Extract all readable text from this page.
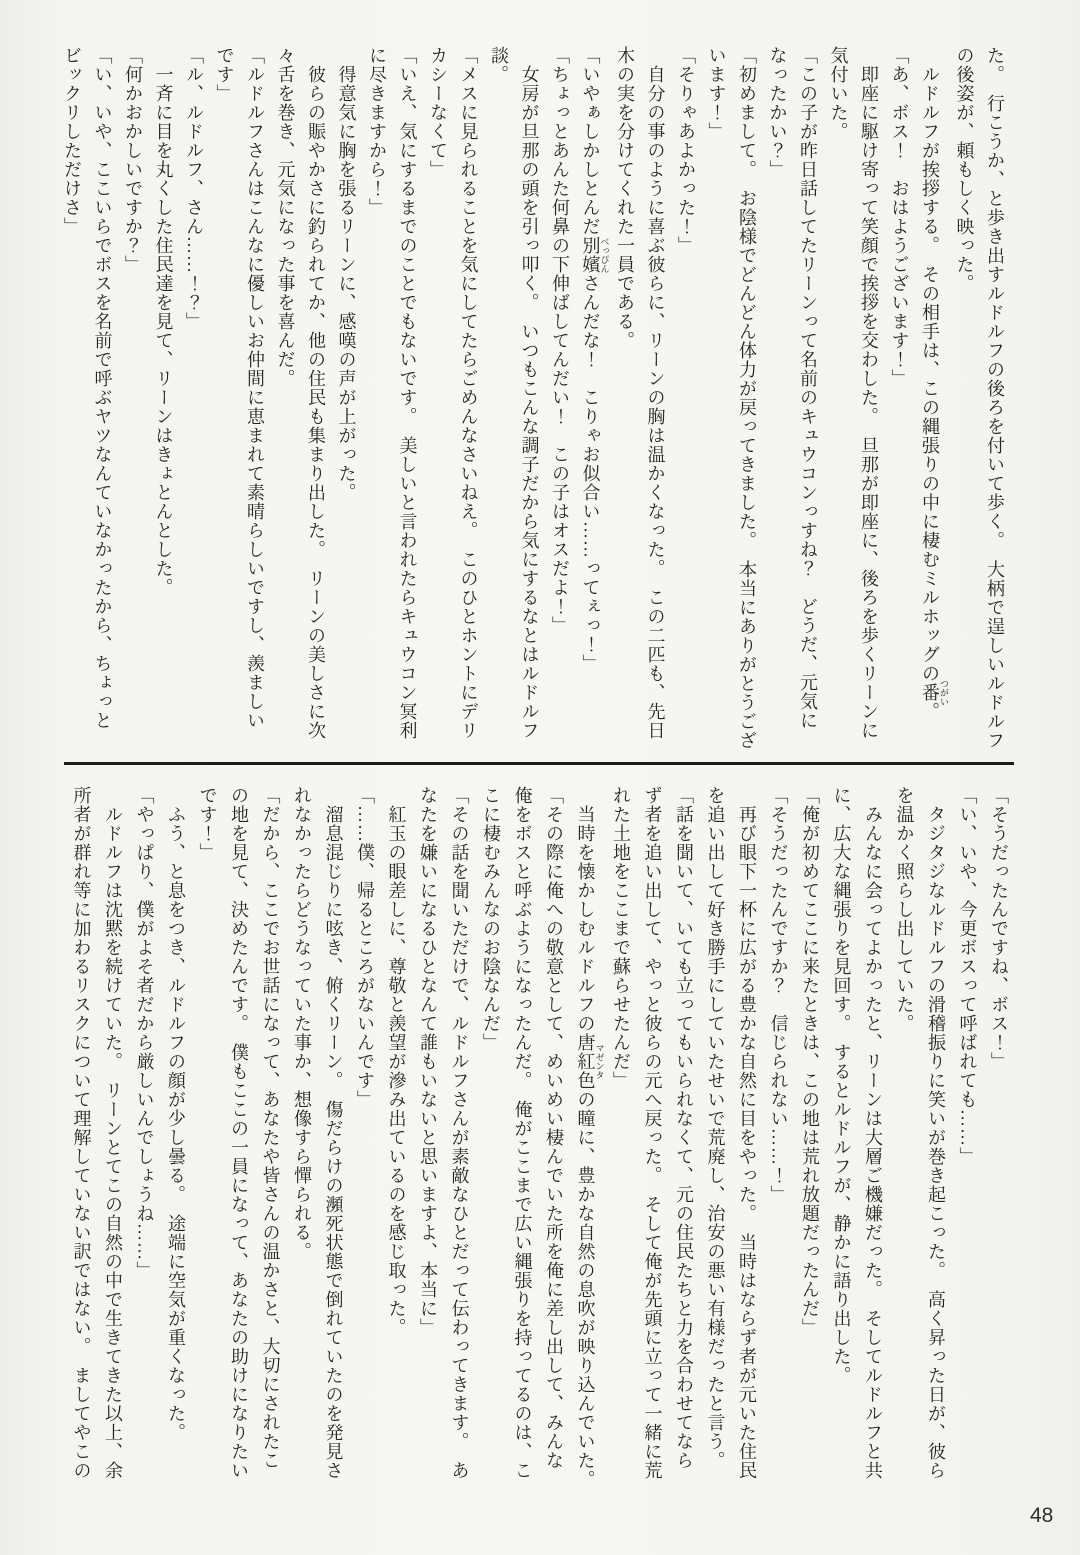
た。　行こうか、と歩き出すルドルフの後ろを付いて歩く。　大柄で逞しいルドルフ
の後姿が、頼もしく映った。
ルドルフが挨拶する。　その相手は、この縄張りの中に棲むミルホッグの番 つがい。
「あ、ボス！　おはようございます！」
即座に駆け寄って笑顔で挨拶を交わした。　旦那が即座に、後ろを歩くリーンに
気付いた。
「この子が昨日話してたリーンって名前のキュウコンっすね？　どうだ、元気に
なったかい？」
「初めまして。　お陰様でどんどん体力が戻ってきました。　本当にありがとうござ
います！」
「そりゃあよかった！」
自分の事のように喜ぶ彼らに、リーンの胸は温かくなった。　この二匹も、先日
木の実を分けてくれた一員である。
「いやぁしかしとんだ別嬪 べっぴんさんだな！　こりゃお似合い……ってぇっ！」
「ちょっとあんた何鼻の下伸ばしてんだい！　この子はオスだよ！」
女房が旦那の頭を引っ叩く。　いつもこんな調子だから気にするなとはルドルフ
談。
「メスに見られることを気にしてたらごめんなさいねえ。　このひとホントにデリ
カシーなくて」
「いえ、気にするまでのことでもないです。　美しいと言われたらキュウコン冥利
に尽きますから！」
得意気に胸を張るリーンに、感嘆の声が上がった。
彼らの賑やかさに釣られてか、他の住民も集まり出した。　リーンの美しさに次
々舌を巻き、元気になった事を喜んだ。
「ルドルフさんはこんなに優しいお仲間に恵まれて素晴らしいですし、羨ましい
です」
「ル、ルドルフ、さん……！？」
一斉に目を丸くした住民達を見て、リーンはきょとんとした。
「何かおかしいですか？」
「い、いや、ここいらでボスを名前で呼ぶヤツなんていなかったから、ちょっと
ビックリしただけさ」
「そうだったんですね、ボス！」
「い、いや、今更ボスって呼ばれても……」
タジタジなルドルフの滑稽振りに笑いが巻き起こった。　高く昇った日が、彼ら
を温かく照らし出していた。
みんなに会ってよかったと、リーンは大層ご機嫌だった。　そしてルドルフと共
に、広大な縄張りを見回す。　するとルドルフが、静かに語り出した。
「俺が初めてここに来たときは、この地は荒れ放題だったんだ」
「そうだったんですか？　信じられない……！」
再び眼下一杯に広がる豊かな自然に目をやった。　当時はならず者が元いた住民
を追い出して好き勝手にしていたせいで荒廃し、治安の悪い有様だったと言う。
「話を聞いて、いても立ってもいられなくて、元の住民たちと力を合わせてなら
ず者を追い出して、やっと彼らの元へ戻った。　そして俺が先頭に立って一緒に荒
れた土地をここまで蘇らせたんだ」
当時を懐かしむルドルフの唐紅色 マゼンタの瞳に、豊かな自然の息吹が映り込んでいた。
「その際に俺への敬意として、めいめい棲んでいた所を俺に差し出して、みんな
俺をボスと呼ぶようになったんだ。　俺がここまで広い縄張りを持ってるのは、こ
こに棲むみんなのお陰なんだ」
「その話を聞いただけで、ルドルフさんが素敵なひとだって伝わってきます。　あ
なたを嫌いになるひとなんて誰もいないと思いますよ、本当に」
紅玉の眼差しに、尊敬と羨望が滲み出ているのを感じ取った。
「……僕、帰るところがないんです」
溜息混じりに呟き、俯くリーン。　傷だらけの瀕死状態で倒れていたのを発見さ
れなかったらどうなっていた事か、想像すら憚られる。
「だから、ここでお世話になって、あなたや皆さんの温かさと、大切にされたこ
の地を見て、決めたんです。　僕もここの一員になって、あなたの助けになりたい
です！」
ふう、と息をつき、ルドルフの顔が少し曇る。　途端に空気が重くなった。
「やっぱり、僕がよそ者だから厳しいんでしょうね……」
ルドルフは沈黙を続けていた。　リーンとてこの自然の中で生きてきた以上、余
所者が群れ等に加わるリスクについて理解していない訳ではない。　ましてやこの
48
